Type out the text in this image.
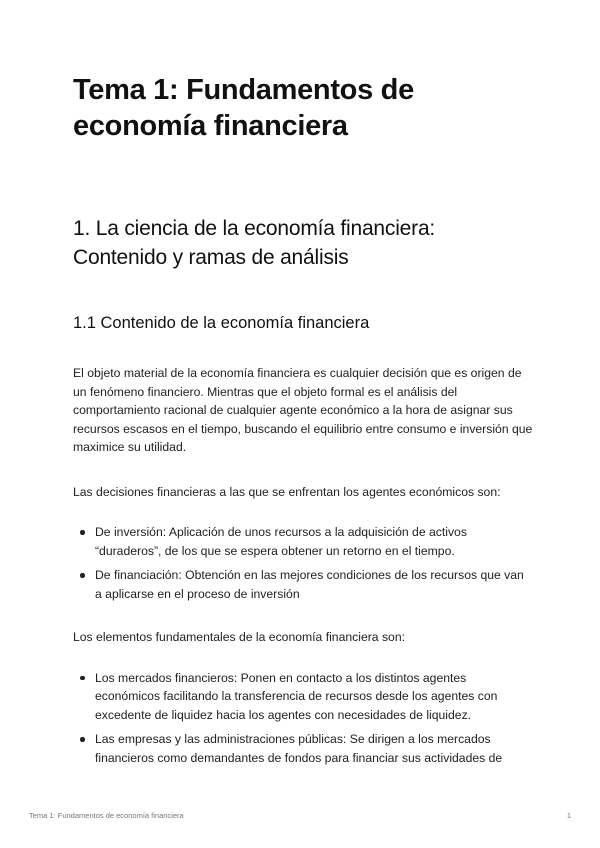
Tema 1: Fundamentos de economía financiera
1. La ciencia de la economía financiera: Contenido y ramas de análisis
1.1 Contenido de la economía financiera

El objeto material de la economía financiera es cualquier decisión que es origen de un fenómeno financiero. Mientras que el objeto formal es el análisis del comportamiento racional de cualquier agente económico a la hora de asignar sus recursos escasos en el tiempo, buscando el equilibrio entre consumo e inversión que maximice su utilidad.

Las decisiones financieras a las que se enfrentan los agentes económicos son:

De inversión: Aplicación de unos recursos a la adquisición de activos “duraderos”, de los que se espera obtener un retorno en el tiempo.
De financiación: Obtención en las mejores condiciones de los recursos que van a aplicarse en el proceso de inversión

Los elementos fundamentales de la economía financiera son:

Los mercados financieros: Ponen en contacto a los distintos agentes económicos facilitando la transferencia de recursos desde los agentes con excedente de liquidez hacia los agentes con necesidades de liquidez.
Las empresas y las administraciones públicas: Se dirigen a los mercados financieros como demandantes de fondos para financiar sus actividades de
Tema 1: Fundamentos de economía financiera	1
